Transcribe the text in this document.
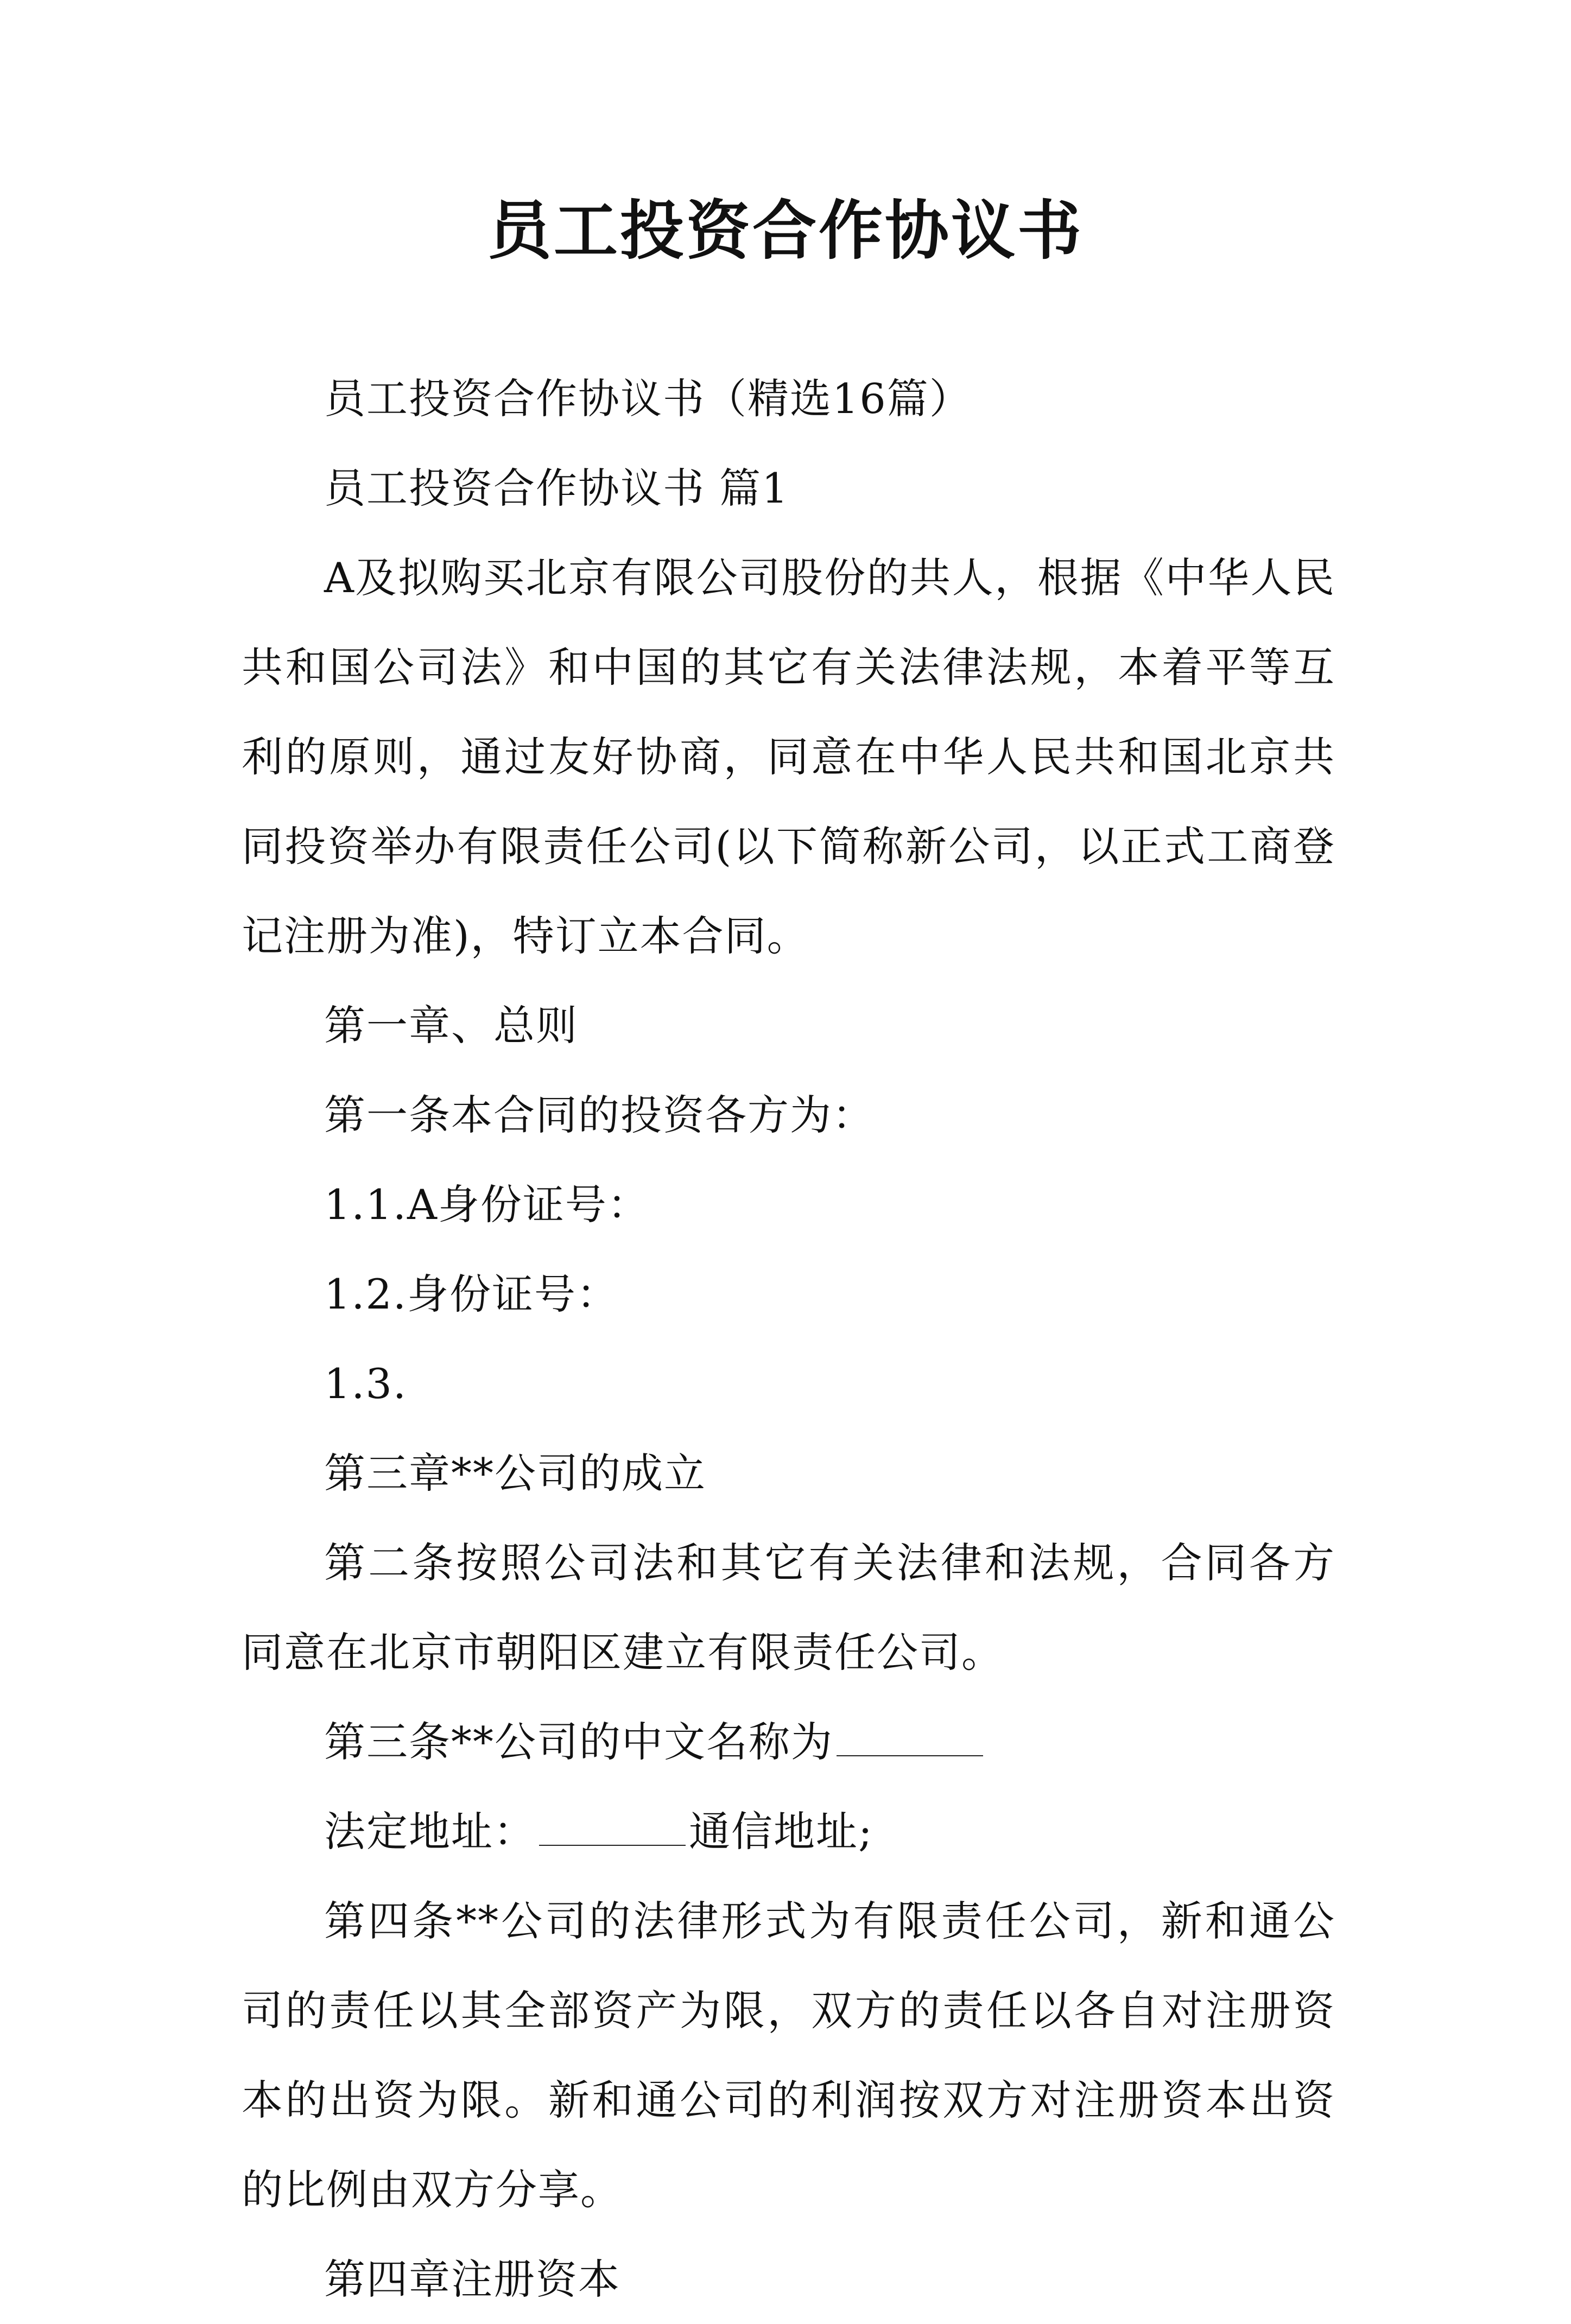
员工投资合作协议书

员工投资合作协议书（精选16篇）

员工投资合作协议书 篇1

A及拟购买北京有限公司股份的共人，根据《中华人民共和国公司法》和中国的其它有关法律法规，本着平等互利的原则，通过友好协商，同意在中华人民共和国北京共同投资举办有限责任公司(以下简称新公司，以正式工商登记注册为准)，特订立本合同。

第一章、总则

第一条本合同的投资各方为：

1.1.A身份证号：

1.2.身份证号：

1.3.

第三章**公司的成立

第二条按照公司法和其它有关法律和法规，合同各方同意在北京市朝阳区建立有限责任公司。

第三条**公司的中文名称为

法定地址：	通信地址;

第四条**公司的法律形式为有限责任公司，新和通公司的责任以其全部资产为限，双方的责任以各自对注册资本的出资为限。新和通公司的利润按双方对注册资本出资的比例由双方分享。

第四章注册资本
